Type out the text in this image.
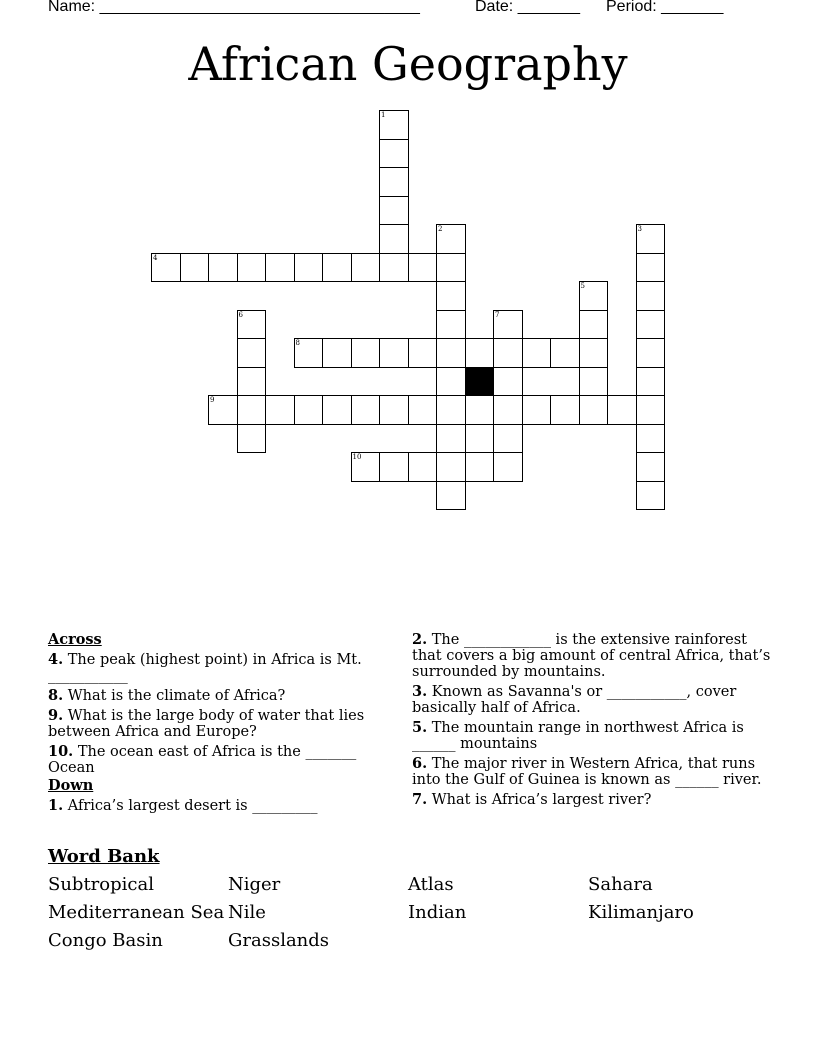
Name: ____________________________________

	Date: _______

Period: _______

African Geography
1
2	3
4
5
6	7
8
9
10
Across
4. The peak (highest point) in Africa is Mt. ___________
8. What is the climate of Africa?
9. What is the large body of water that lies between Africa and Europe?
10. The ocean east of Africa is the _______ Ocean
Down
1. Africa’s largest desert is _________
2. The ____________ is the extensive rainforest that covers a big amount of central Africa, that’s surrounded by mountains.
3. Known as Savanna's or ___________, cover basically half of Africa.
5. The mountain range in northwest Africa is ______ mountains
6. The major river in Western Africa, that runs into the Gulf of Guinea is known as ______ river.
7. What is Africa’s largest river?
Word Bank
Subtropical	Niger	Atlas	Sahara
Mediterranean Sea Nile	Indian	Kilimanjaro
Congo Basin	Grasslands
